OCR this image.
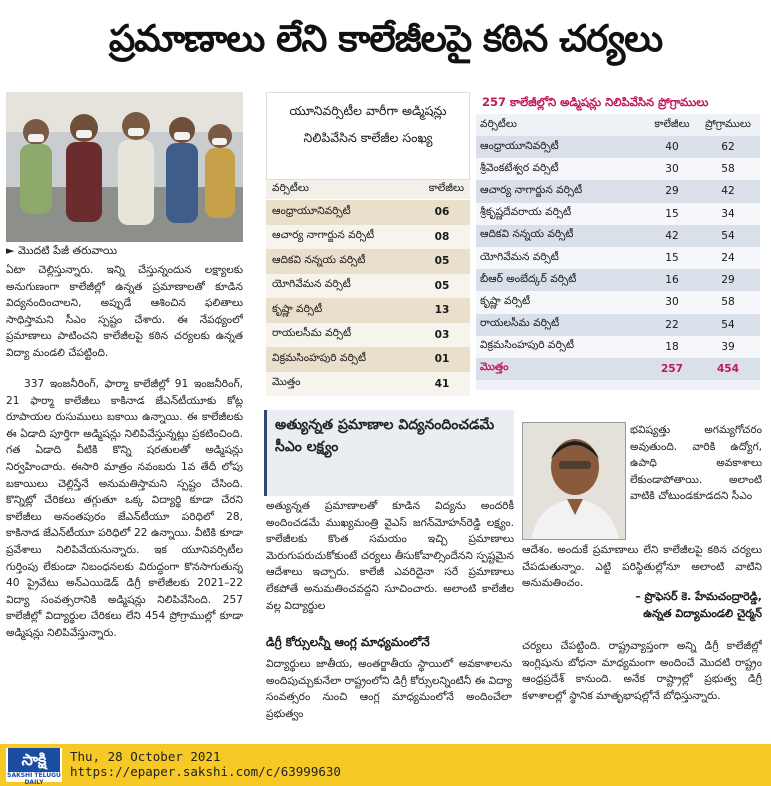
ప్రమాణాలు లేని కాలేజీలపై కఠిన చర్యలు
► మొదటి పేజీ తరువాయి
ఏటా చెల్లిస్తున్నారు. ఇన్ని చేస్తున్నందున లక్ష్యాలకు అనుగుణంగా కాలేజీల్లో ఉన్నత ప్రమాణాలతో కూడిన విద్యనందించాలని, అప్పుడే ఆశించిన ఫలితాలు సాధిస్తామని సీఎం స్పష్టం చేశారు. ఈ నేపథ్యంలో ప్రమాణాలు పాటించని కాలేజీలపై కఠిన చర్యలకు ఉన్నత విద్యా మండలి చేపట్టింది.
337 ఇంజనీరింగ్, ఫార్మా కాలేజీల్లో 91 ఇంజనీరింగ్, 21 ఫార్మా కాలేజీలు కాకినాడ జేఎన్‌టీయూకు కోట్ల రూపాయల రుసుములు బకాయి ఉన్నాయి. ఈ కాలేజీలకు ఈ ఏడాది పూర్తిగా అడ్మిషన్లు నిలిపివేస్తున్నట్లు ప్రకటించింది. గత ఏడాది వీటికి కొన్ని షరతులతో అడ్మిషన్లు నిర్వహించారు. ఈసారి మాత్రం నవంబరు 1వ తేదీ లోపు బకాయిలు చెల్లిస్తేనే అనుమతిస్తామని స్పష్టం చేసింది. కొన్నిట్లో చేరికలు తగ్గుతూ ఒక్క విద్యార్థి కూడా చేరని కాలేజీలు అనంతపురం జేఎన్‌టీయూ పరిధిలో 28, కాకినాడ జేఎన్‌టీయూ పరిధిలో 22 ఉన్నాయి. వీటికి కూడా ప్రవేశాలు నిలిపివేయనున్నారు. ఇక యూనివర్సిటీల గుర్తింపు లేకుండా నిబంధనలకు విరుద్ధంగా కొనసాగుతున్న 40 ప్రైవేటు అన్‌ఎయిడెడ్ డిగ్రీ కాలేజీలకు 2021–22 విద్యా సంవత్సరానికి అడ్మిషన్లు నిలిపివేసింది. 257 కాలేజీల్లో విద్యార్థుల చేరికలు లేని 454 ప్రోగ్రాముల్లో కూడా అడ్మిషన్లు నిలిపివేస్తున్నారు.
యూనివర్సిటీల వారీగా అడ్మిషన్లు నిలిపివేసిన కాలేజీల సంఖ్య
వర్సిటీలు	కాలేజీలు
ఆంధ్రాయూనివర్సిటీ	06
ఆచార్య నాగార్జున వర్సిటీ	08
ఆదికవి నన్నయ వర్సిటీ	05
యోగివేమన వర్సిటీ	05
కృష్ణా వర్సిటీ	13
రాయలసీమ వర్సిటీ	03
విక్రమసింహపురి వర్సిటీ	01
మొత్తం	41
257 కాలేజీల్లోని అడ్మిషన్లు నిలిపివేసిన ప్రోగ్రాములు
వర్సిటీలు	కాలేజీలు	ప్రోగ్రాములు
ఆంధ్రాయూనివర్సిటీ	40	62
శ్రీవెంకటేశ్వర వర్సిటీ	30	58
ఆచార్య నాగార్జున వర్సిటీ	29	42
శ్రీకృష్ణదేవరాయ వర్సిటీ	15	34
ఆదికవి నన్నయ వర్సిటీ	42	54
యోగివేమన వర్సిటీ	15	24
బీఆర్ అంబేద్కర్ వర్సిటీ	16	29
కృష్ణా వర్సిటీ	30	58
రాయలసీమ వర్సిటీ	22	54
విక్రమసింహపురి వర్సిటీ	18	39
మొత్తం	257	454
అత్యున్నత ప్రమాణాల విద్యనందించడమే సీఎం లక్ష్యం
అత్యున్నత ప్రమాణాలతో కూడిన విద్యను అందరికీ అందించడమే ముఖ్యమంత్రి వైఎస్ జగన్‌మోహన్‌రెడ్డి లక్ష్యం. కాలేజీలకు కొంత సమయం ఇచ్చి ప్రమాణాలు మెరుగుపరుచుకోకుంటే చర్యలు తీసుకోవాల్సిందేనని స్పష్టమైన ఆదేశాలు ఇచ్చారు. కాలేజీ ఎవరిదైనా సరే ప్రమాణాలు లేకపోతే అనుమతించవద్దని సూచించారు. అలాంటి కాలేజీల వల్ల విద్యార్థుల
భవిష్యత్తు అగమ్యగోచరం అవుతుంది. వారికి ఉద్యోగ, ఉపాధి అవకాశాలు లేకుండాపోతాయి. అలాంటి వాటికి చోటుండకూడదని సీఎం
ఆదేశం. అందుకే ప్రమాణాలు లేని కాలేజీలపై కఠిన చర్యలు చేపడుతున్నాం. ఎట్టి పరిస్థితుల్లోనూ అలాంటి వాటిని అనుమతించం.
– ప్రొఫెసర్ కె. హేమచంద్రారెడ్డి,
ఉన్నత విద్యామండలి చైర్మన్
డిగ్రీ కోర్సులన్నీ ఆంగ్ల మాధ్యమంలోనే
విద్యార్థులు జాతీయ, అంతర్జాతీయ స్థాయిలో అవకాశాలను అందిపుచ్చుకునేలా రాష్ట్రంలోని డిగ్రీ కోర్సులన్నింటినీ ఈ విద్యా సంవత్సరం నుంచి ఆంగ్ల మాధ్యమంలోనే అందించేలా ప్రభుత్వం
చర్యలు చేపట్టింది. రాష్ట్రవ్యాప్తంగా అన్ని డిగ్రీ కాలేజీల్లో ఇంగ్లిషును బోధనా మాధ్యమంగా అందించే మొదటి రాష్ట్రం ఆంధ్రప్రదేశ్ కానుంది. అనేక రాష్ట్రాల్లో ప్రభుత్వ డిగ్రీ కళాశాలల్లో స్థానిక మాతృభాషల్లోనే బోధిస్తున్నారు.
సాక్షి
SAKSHI TELUGU DAILY
Thu, 28 October 2021
https://epaper.sakshi.com/c/63999630
